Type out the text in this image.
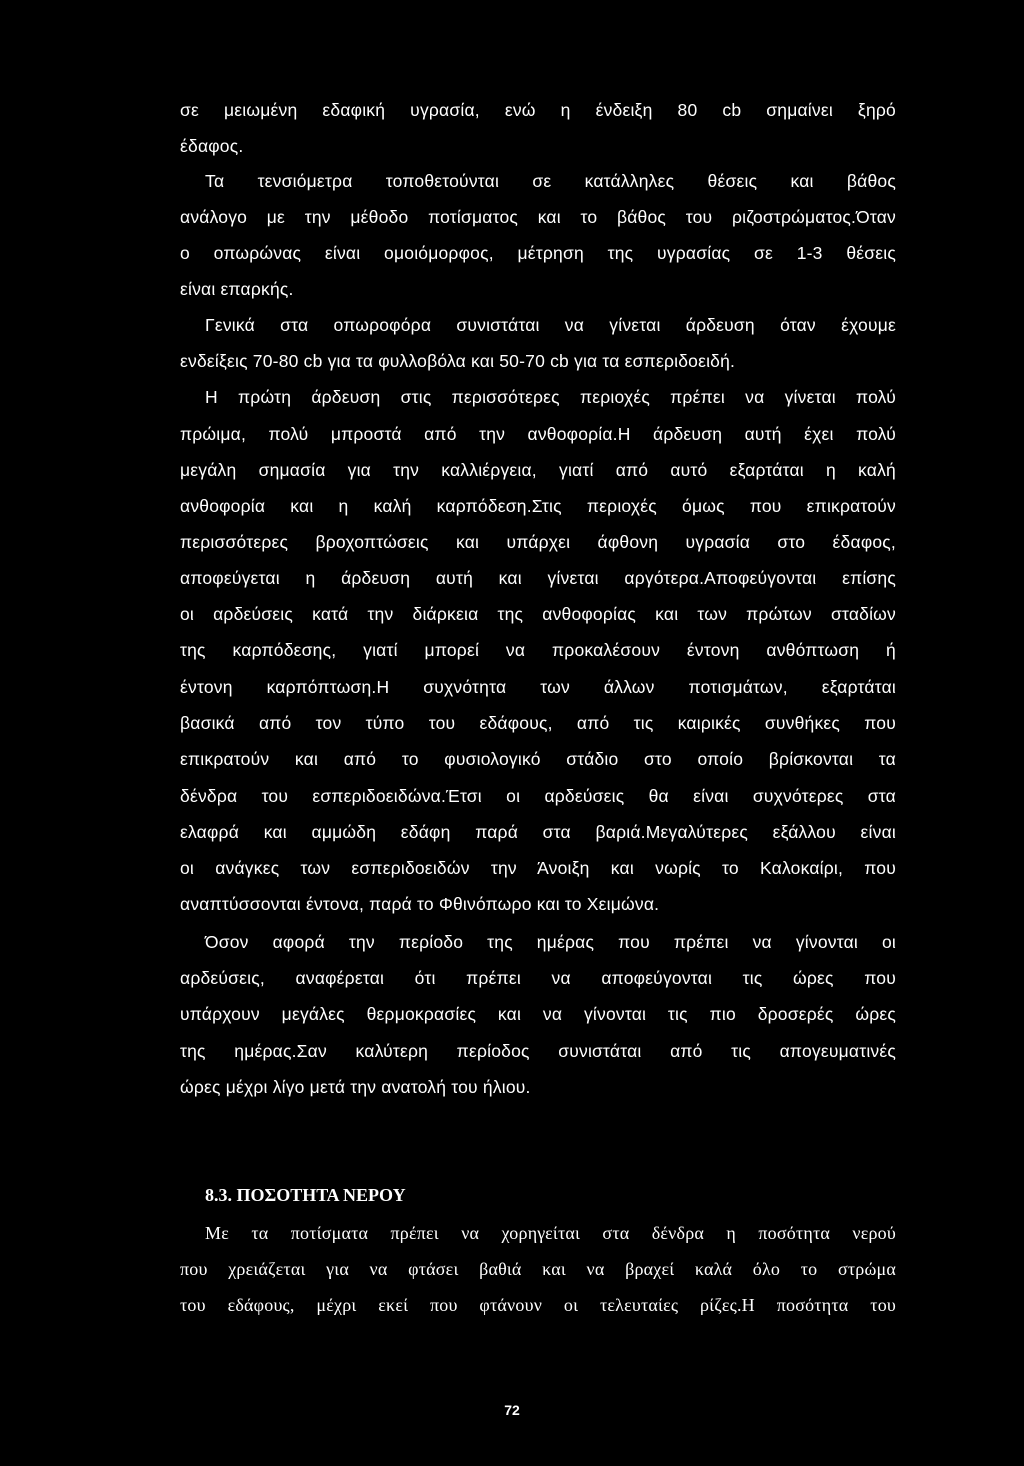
σε μειωμένη εδαφική υγρασία, ενώ η ένδειξη 80 cb σημαίνει ξηρό
έδαφος.
Τα τενσιόμετρα τοποθετούνται σε κατάλληλες θέσεις και βάθος
ανάλογο με την μέθοδο ποτίσματος και το βάθος του ριζοστρώματος.Όταν
ο οπωρώνας είναι ομοιόμορφος, μέτρηση της υγρασίας σε 1-3 θέσεις
είναι επαρκής.
Γενικά στα οπωροφόρα συνιστάται να γίνεται άρδευση όταν έχουμε
ενδείξεις 70-80 cb για τα φυλλοβόλα και 50-70 cb για τα εσπεριδοειδή.
Η πρώτη άρδευση στις περισσότερες περιοχές πρέπει να γίνεται πολύ
πρώιμα, πολύ μπροστά από την ανθοφορία.Η άρδευση αυτή έχει πολύ
μεγάλη σημασία για την καλλιέργεια, γιατί από αυτό εξαρτάται η καλή
ανθοφορία και η καλή καρπόδεση.Στις περιοχές όμως που επικρατούν
περισσότερες βροχοπτώσεις και υπάρχει άφθονη υγρασία στο έδαφος,
αποφεύγεται η άρδευση αυτή και γίνεται αργότερα.Αποφεύγονται επίσης
οι αρδεύσεις κατά την διάρκεια της ανθοφορίας και των πρώτων σταδίων
της καρπόδεσης, γιατί μπορεί να προκαλέσουν έντονη ανθόπτωση ή
έντονη καρπόπτωση.Η συχνότητα των άλλων ποτισμάτων, εξαρτάται
βασικά από τον τύπο του εδάφους, από τις καιρικές συνθήκες που
επικρατούν και από το φυσιολογικό στάδιο στο οποίο βρίσκονται τα
δένδρα του εσπεριδοειδώνα.Έτσι οι αρδεύσεις θα είναι συχνότερες στα
ελαφρά και αμμώδη εδάφη παρά στα βαριά.Μεγαλύτερες εξάλλου είναι
οι ανάγκες των εσπεριδοειδών την Άνοιξη και νωρίς το Καλοκαίρι, που
αναπτύσσονται έντονα, παρά το Φθινόπωρο και το Χειμώνα.
Όσον αφορά την περίοδο της ημέρας που πρέπει να γίνονται οι
αρδεύσεις, αναφέρεται ότι πρέπει να αποφεύγονται τις ώρες που
υπάρχουν μεγάλες θερμοκρασίες και να γίνονται τις πιο δροσερές ώρες
της ημέρας.Σαν καλύτερη περίοδος συνιστάται από τις απογευματινές
ώρες μέχρι λίγο μετά την ανατολή του ήλιου.
8.3. ΠΟΣΟΤΗΤΑ ΝΕΡΟΥ
Με τα ποτίσματα πρέπει να χορηγείται στα δένδρα η ποσότητα νερού
που χρειάζεται για να φτάσει βαθιά και να βραχεί καλά όλο το στρώμα
του εδάφους, μέχρι εκεί που φτάνουν οι τελευταίες ρίζες.Η ποσότητα του
72
